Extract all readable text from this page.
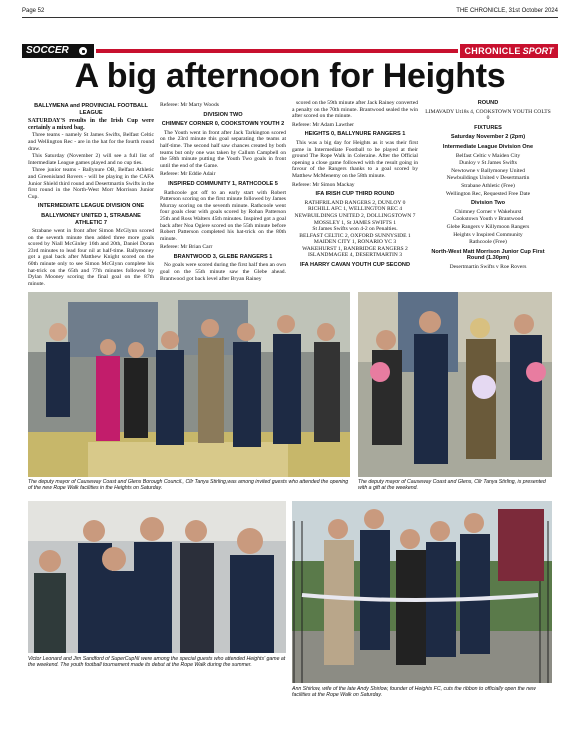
Page 52	THE CHRONICLE, 31st October 2024
SOCCER	CHRONICLE SPORT
A big afternoon for Heights
BALLYMENA and PROVINCIAL FOOTBALL LEAGUE

SATURDAY'S results in the Irish Cup were certainly a mixed bag.

Three teams - namely St James Swifts, Belfast Celtic and Wellington Rec - are in the hat for the fourth round draw.

This Saturday (November 2) will see a full list of Intermediate League games played and no cup ties.

Three junior teams - Ballynure OB, Belfast Athletic and Greenisland Rovers - will be playing in the CAFA Junior Shield third round and Desertmartin Swifts in the first round in the North-West Morr Morrison Junior Cup.

INTERMEDIATE LEAGUE DIVISION ONE
BALLYMONEY UNITED 1, STRABANE ATHLETIC 7

Strabane went in front after Simon McGlynn scored on the seventh minute then added three more goals scored by Niall McGinley 16th and 20th, Daniel Doran 23rd minutes to lead four nil at half-time. Ballymoney got a goal back after Matthew Knight scored on the 60th minute only to see Simon McGlynn complete his hat-trick on the 65th and 77th minutes followed by Dylan Mooney scoring the final goal on the 87th minute.

Referee: Mr Marty Woods

DIVISION TWO
CHIMNEY CORNER 0, COOKSTOWN YOUTH 2

The Youth went in front after Jack Tarkington scored on the 23rd minute this goal separating the teams at half-time. The second half saw chances created by both teams but only one was taken by Callum Campbell on the 58th minute putting the Youth Two goals in front until the end of the Game.

Referee: Mr Eddie Adair

INSPIRED COMMUNITY 1, RATHCOOLE 5

Rathcoole got off to an early start with Robert Patterson scoring on the first minute followed by James Murray scoring on the seventh minute. Rathcoole went four goals clear with goals scored by Rohan Patterson 25th and Ross Walters 45th minutes. Inspired got a goal back after Noa Ogiere scored on the 55th minute before Robert Patterson completed his hat-trick on the 80th minute.

Referee: Mr Brian Carr

BRANTWOOD 3, GLEBE RANGERS 1

No goals were scored during the first half then an own goal on the 55th minute saw the Glebe ahead. Brantwood got back level after Bryan Rainey

scored on the 59th minute after Jack Rainey converted a penalty on the 70th minute. Brantwood sealed the win after scored on the minute.

Referee: Mr Adam Lawther

HEIGHTS 0, BALLYNURE RANGERS 1

This was a big day for Heights as it was their first game in Intermediate Football to be played at their ground The Rope Walk in Coleraine. After the Official opening a close game followed with the result going in favour of the Rangers thanks to a goal scored by Matthew McMenemy on the 58th minute.

Referee: Mr Simon Mackay

IFA IRISH CUP THIRD ROUND

RATHFRILAND RANGERS 2, DUNLOY 0

RICHILL AFC 1, WELLINGTON REC 4

NEWBUILDINGS UNITED 2, DOLLINGSTOWN 7

MOSSLEY 1, St JAMES SWIFTS 1

St James Swifts won 4-2 on Penalties.

BELFAST CELTIC 2, OXFORD SUNNYSIDE 1

MAIDEN CITY 1, RONARIO YC 3

WAKEHURST 1, BANBRIDGE RANGERS 2

ISLANDMAGEE 4, DESERTMARTIN 3

IFA HARRY CAVAN YOUTH CUP SECOND
ROUND

LIMAVADY Ut18s 4, COOKSTOWN YOUTH COLTS 0

FIXTURES
Saturday November 2 (2pm)
Intermediate League Division One

Belfast Celtic v Maiden City

Dunloy v St James Swifts

Newtowne v Ballymoney United

Newbuildings United v Desertmartin

Strabane Athletic (Free)

Wellington Rec, Requested Free Date

Division Two

Chimney Corner v Wakehurst

Cookstown Youth v Brantwood

Glebe Rangers v Killymoon Rangers

Heights v Inspired Community

Rathcoole (Free)

North-West Matt Morrison Junior Cup First Round (1.30pm)

Desertmartin Swifts v Roe Rovers

The deputy mayor of Causeway Coast and Glens Borough Council., Cllr Tanya Stirling,was among invited guests who attended the opening of the new Rope Walk facilities in the Heights on Saturday.
The deputy mayor of Causeway Coast and Glens, Cllr Tanya Stirling, is presented with a gift at the weekend.
Victor Leonard and Jim Sandford of SuperCupNI were among the special guests who attended Heights' game at the weekend. The youth football tournament made its debut at the Rope Walk during the summer.
Ann Shirlow, wife of the late Andy Shirlow, founder of Heights FC, cuts the ribbon to officially open the new facilities at the Rope Walk on Saturday.
